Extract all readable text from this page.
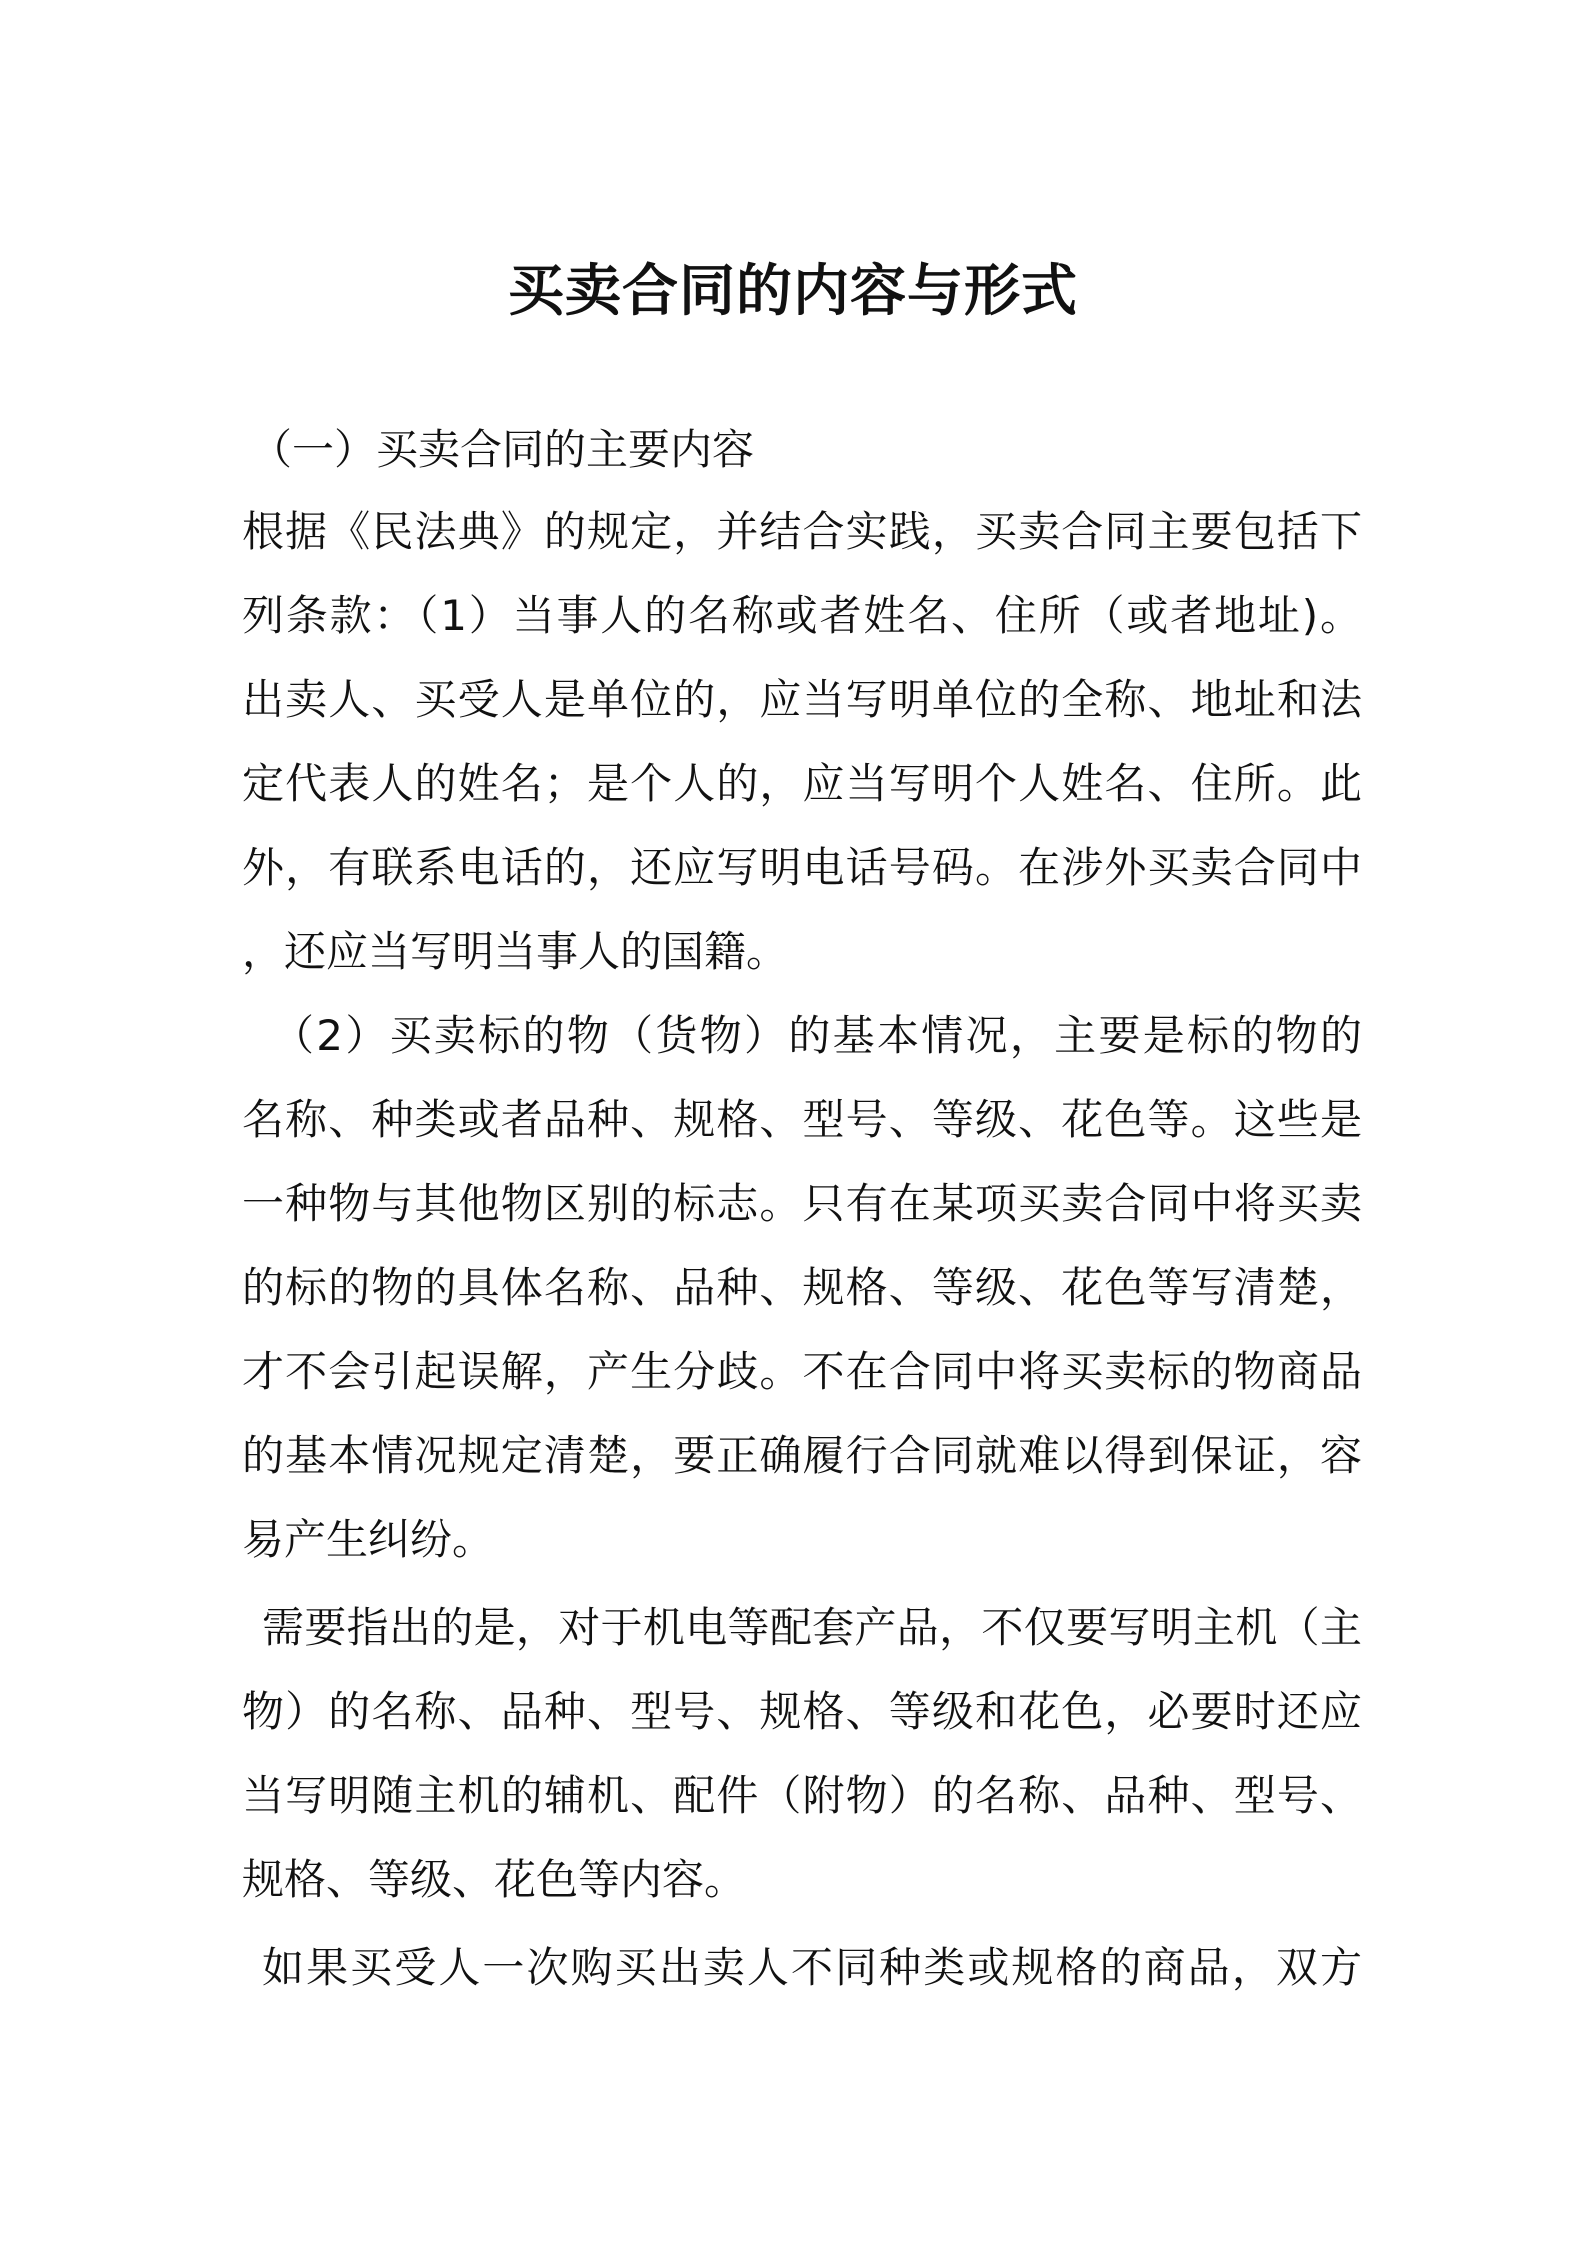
买卖合同的内容与形式

（一）买卖合同的主要内容

根据《民法典》的规定，并结合实践，买卖合同主要包括下

列条款：（1）当事人的名称或者姓名、住所（或者地址)。

出卖人、买受人是单位的，应当写明单位的全称、地址和法

定代表人的姓名；是个人的，应当写明个人姓名、住所。此

外，有联系电话的，还应写明电话号码。在涉外买卖合同中

，还应当写明当事人的国籍。

（2）买卖标的物（货物）的基本情况，主要是标的物的

名称、种类或者品种、规格、型号、等级、花色等。这些是

一种物与其他物区别的标志。只有在某项买卖合同中将买卖

的标的物的具体名称、品种、规格、等级、花色等写清楚，

才不会引起误解，产生分歧。不在合同中将买卖标的物商品

的基本情况规定清楚，要正确履行合同就难以得到保证，容

易产生纠纷。

需要指出的是，对于机电等配套产品，不仅要写明主机（主

物）的名称、品种、型号、规格、等级和花色，必要时还应

当写明随主机的辅机、配件（附物）的名称、品种、型号、

规格、等级、花色等内容。

如果买受人一次购买出卖人不同种类或规格的商品，双方
